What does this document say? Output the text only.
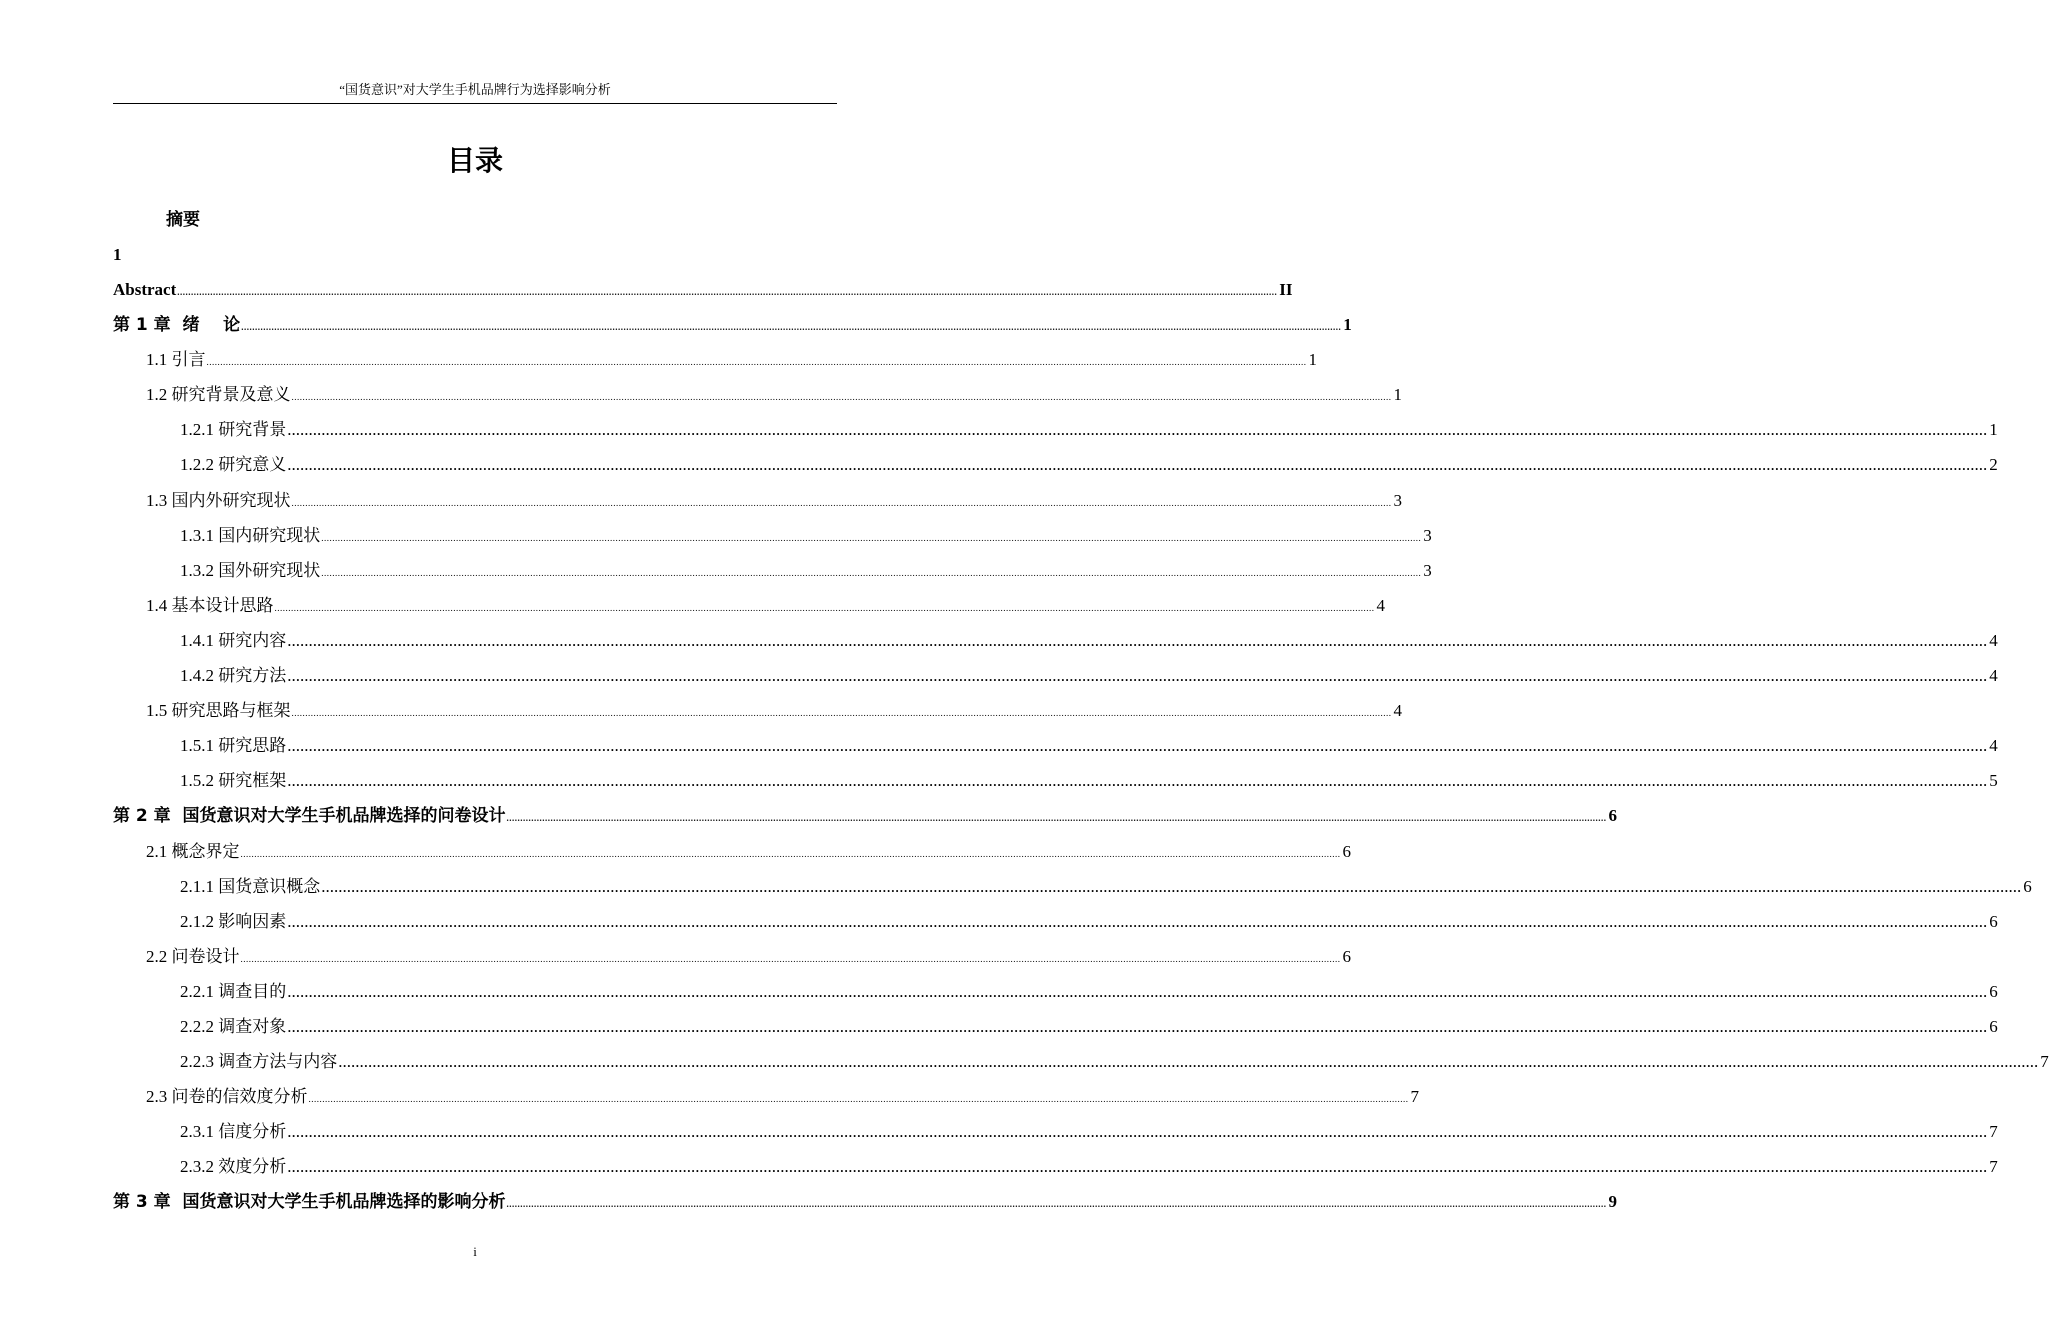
“国货意识”对大学生手机品牌行为选择影响分析
目录
摘要
1
Abstract ................................................................................................................................................................................................................................................................................................................................................................................................................ II
第 1 章  绪    论 ................................................................................................................................................................................................................................................................................................................................................................................................................ 1
1.1 引言 ................................................................................................................................................................................................................................................................................................................................................................................................................ 1
1.2 研究背景及意义 ................................................................................................................................................................................................................................................................................................................................................................................................................ 1
1.2.1 研究背景 ................................................................................................................................................................................................................................................................................................................................................................................................................ 1
1.2.2 研究意义 ................................................................................................................................................................................................................................................................................................................................................................................................................ 2
1.3 国内外研究现状 ................................................................................................................................................................................................................................................................................................................................................................................................................ 3
1.3.1 国内研究现状 ................................................................................................................................................................................................................................................................................................................................................................................................................ 3
1.3.2 国外研究现状 ................................................................................................................................................................................................................................................................................................................................................................................................................ 3
1.4 基本设计思路 ................................................................................................................................................................................................................................................................................................................................................................................................................ 4
1.4.1 研究内容 ................................................................................................................................................................................................................................................................................................................................................................................................................ 4
1.4.2 研究方法 ................................................................................................................................................................................................................................................................................................................................................................................................................ 4
1.5 研究思路与框架 ................................................................................................................................................................................................................................................................................................................................................................................................................ 4
1.5.1 研究思路 ................................................................................................................................................................................................................................................................................................................................................................................................................ 4
1.5.2 研究框架 ................................................................................................................................................................................................................................................................................................................................................................................................................ 5
第 2 章  国货意识对大学生手机品牌选择的问卷设计 ................................................................................................................................................................................................................................................................................................................................................................................................................ 6
2.1 概念界定 ................................................................................................................................................................................................................................................................................................................................................................................................................ 6
2.1.1 国货意识概念 ................................................................................................................................................................................................................................................................................................................................................................................................................ 6
2.1.2 影响因素 ................................................................................................................................................................................................................................................................................................................................................................................................................ 6
2.2 问卷设计 ................................................................................................................................................................................................................................................................................................................................................................................................................ 6
2.2.1 调查目的 ................................................................................................................................................................................................................................................................................................................................................................................................................ 6
2.2.2 调查对象 ................................................................................................................................................................................................................................................................................................................................................................................................................ 6
2.2.3 调查方法与内容 ................................................................................................................................................................................................................................................................................................................................................................................................................ 7
2.3 问卷的信效度分析 ................................................................................................................................................................................................................................................................................................................................................................................................................ 7
2.3.1 信度分析 ................................................................................................................................................................................................................................................................................................................................................................................................................ 7
2.3.2 效度分析 ................................................................................................................................................................................................................................................................................................................................................................................................................ 7
第 3 章  国货意识对大学生手机品牌选择的影响分析 ................................................................................................................................................................................................................................................................................................................................................................................................................ 9
i
